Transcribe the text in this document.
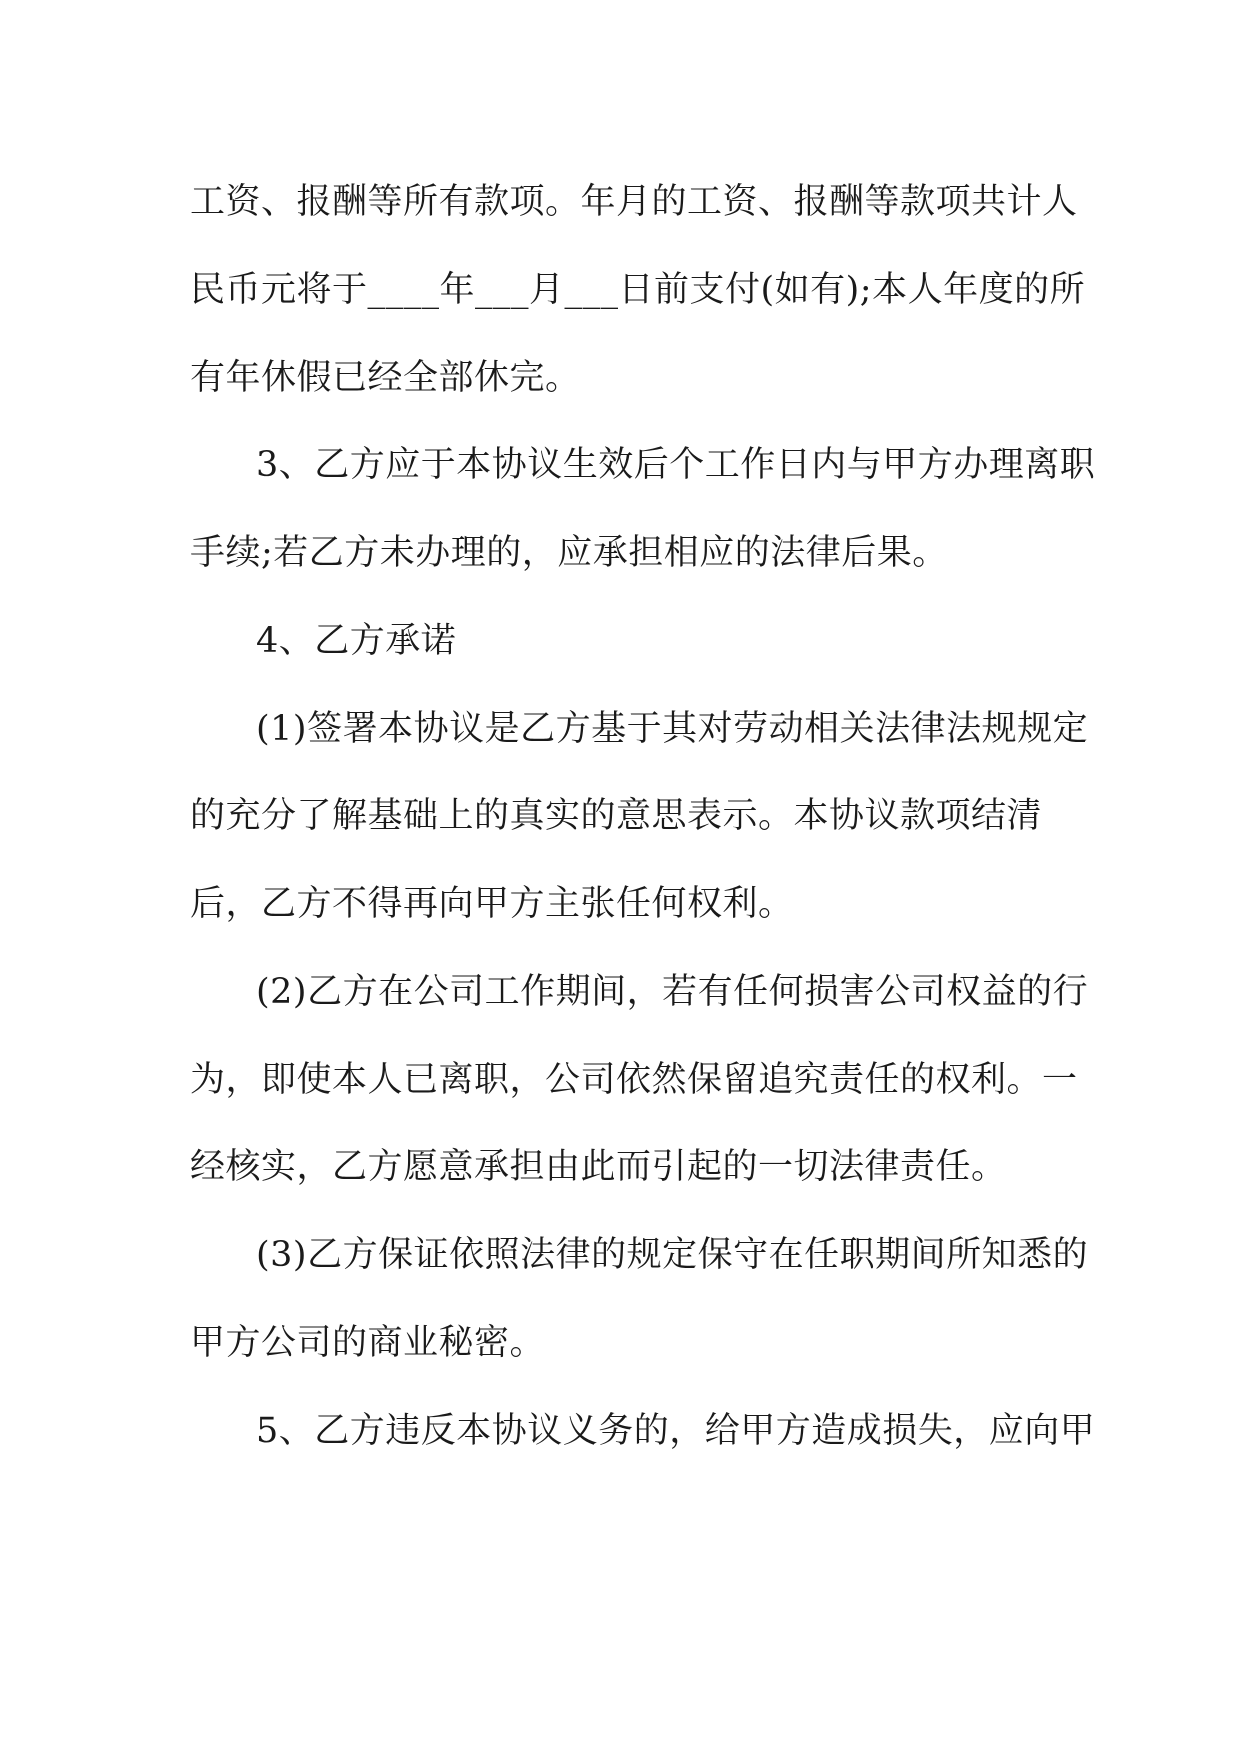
工资、报酬等所有款项。年月的工资、报酬等款项共计人
民币元将于____年___月___日前支付(如有);本人年度的所
有年休假已经全部休完。
3、乙方应于本协议生效后个工作日内与甲方办理离职
手续;若乙方未办理的，应承担相应的法律后果。
4、乙方承诺
(1)签署本协议是乙方基于其对劳动相关法律法规规定
的充分了解基础上的真实的意思表示。本协议款项结清
后，乙方不得再向甲方主张任何权利。
(2)乙方在公司工作期间，若有任何损害公司权益的行
为，即使本人已离职，公司依然保留追究责任的权利。一
经核实，乙方愿意承担由此而引起的一切法律责任。
(3)乙方保证依照法律的规定保守在任职期间所知悉的
甲方公司的商业秘密。
5、乙方违反本协议义务的，给甲方造成损失，应向甲
